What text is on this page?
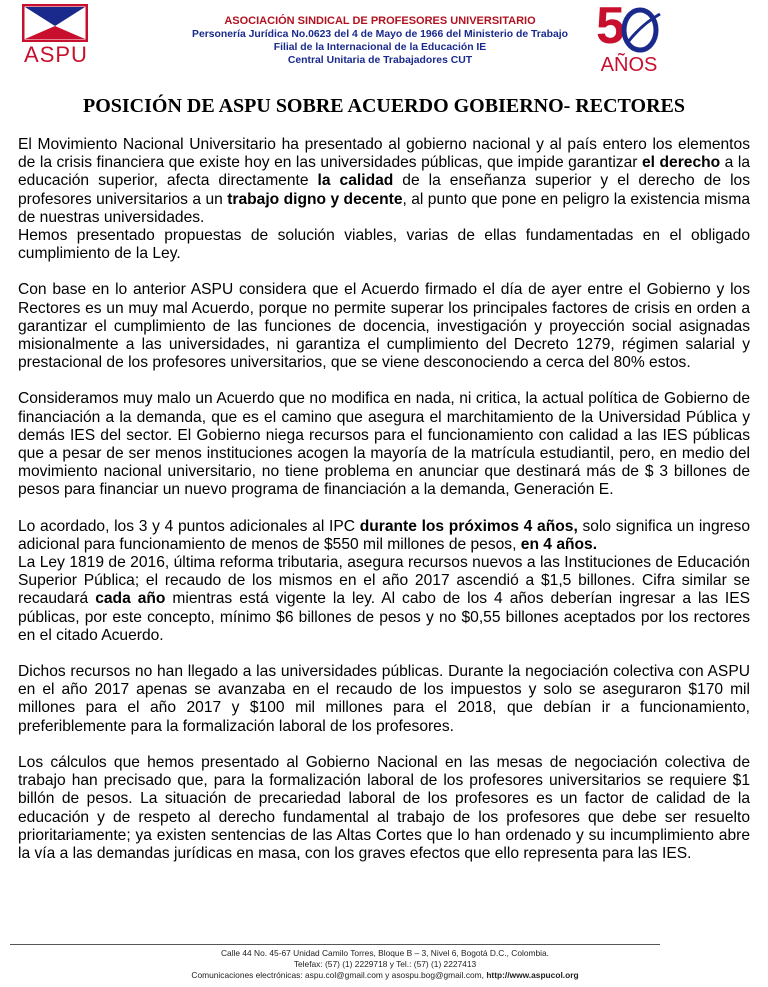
ASPU
ASOCIACIÓN SINDICAL DE PROFESORES UNIVERSITARIO
Personería Jurídica No.0623 del 4 de Mayo de 1966 del Ministerio de Trabajo
Filial de la Internacional de la Educación IE
Central Unitaria de Trabajadores CUT
5
AÑOS
POSICIÓN DE ASPU SOBRE ACUERDO GOBIERNO- RECTORES

El Movimiento Nacional Universitario ha presentado al gobierno nacional y al país entero los elementos de la crisis financiera que existe hoy en las universidades públicas, que impide garantizar el derecho a la educación superior, afecta directamente la calidad de la enseñanza superior y el derecho de los profesores universitarios a un trabajo digno y decente, al punto que pone en peligro la existencia misma de nuestras universidades.

Hemos presentado propuestas de solución viables, varias de ellas fundamentadas en el obligado cumplimiento de la Ley.

Con base en lo anterior ASPU considera que el Acuerdo firmado el día de ayer entre el Gobierno y los Rectores es un muy mal Acuerdo, porque no permite superar los principales factores de crisis en orden a garantizar el cumplimiento de las funciones de docencia, investigación y proyección social asignadas misionalmente a las universidades, ni garantiza el cumplimiento del Decreto 1279, régimen salarial y prestacional de los profesores universitarios, que se viene desconociendo a cerca del 80% estos.

Consideramos muy malo un Acuerdo que no modifica en nada, ni critica, la actual política de Gobierno de financiación a la demanda, que es el camino que asegura el marchitamiento de la Universidad Pública y demás IES del sector. El Gobierno niega recursos para el funcionamiento con calidad a las IES públicas que a pesar de ser menos instituciones acogen la mayoría de la matrícula estudiantil, pero, en medio del movimiento nacional universitario, no tiene problema en anunciar que destinará más de $ 3 billones de pesos para financiar un nuevo programa de financiación a la demanda, Generación E.

Lo acordado, los 3 y 4 puntos adicionales al IPC durante los próximos 4 años, solo significa un ingreso adicional para funcionamiento de menos de $550 mil millones de pesos, en 4 años.

La Ley 1819 de 2016, última reforma tributaria, asegura recursos nuevos a las Instituciones de Educación Superior Pública; el recaudo de los mismos en el año 2017 ascendió a $1,5 billones. Cifra similar se recaudará cada año mientras está vigente la ley. Al cabo de los 4 años deberían ingresar a las IES públicas, por este concepto, mínimo $6 billones de pesos y no $0,55 billones aceptados por los rectores en el citado Acuerdo.

Dichos recursos no han llegado a las universidades públicas. Durante la negociación colectiva con ASPU en el año 2017 apenas se avanzaba en el recaudo de los impuestos y solo se aseguraron $170 mil millones para el año 2017 y $100 mil millones para el 2018, que debían ir a funcionamiento, preferiblemente para la formalización laboral de los profesores.

Los cálculos que hemos presentado al Gobierno Nacional en las mesas de negociación colectiva de trabajo han precisado que, para la formalización laboral de los profesores universitarios se requiere $1 billón de pesos. La situación de precariedad laboral de los profesores es un factor de calidad de la educación y de respeto al derecho fundamental al trabajo de los profesores que debe ser resuelto prioritariamente; ya existen sentencias de las Altas Cortes que lo han ordenado y su incumplimiento abre la vía a las demandas jurídicas en masa, con los graves efectos que ello representa para las IES.

Calle 44 No. 45-67 Unidad Camilo Torres, Bloque B – 3, Nivel 6, Bogotá D.C., Colombia.
Telefax: (57) (1) 2229718 y Tel.: (57) (1) 2227413
Comunicaciones electrónicas: aspu.col@gmail.com y asospu.bog@gmail.com, http://www.aspucol.org
